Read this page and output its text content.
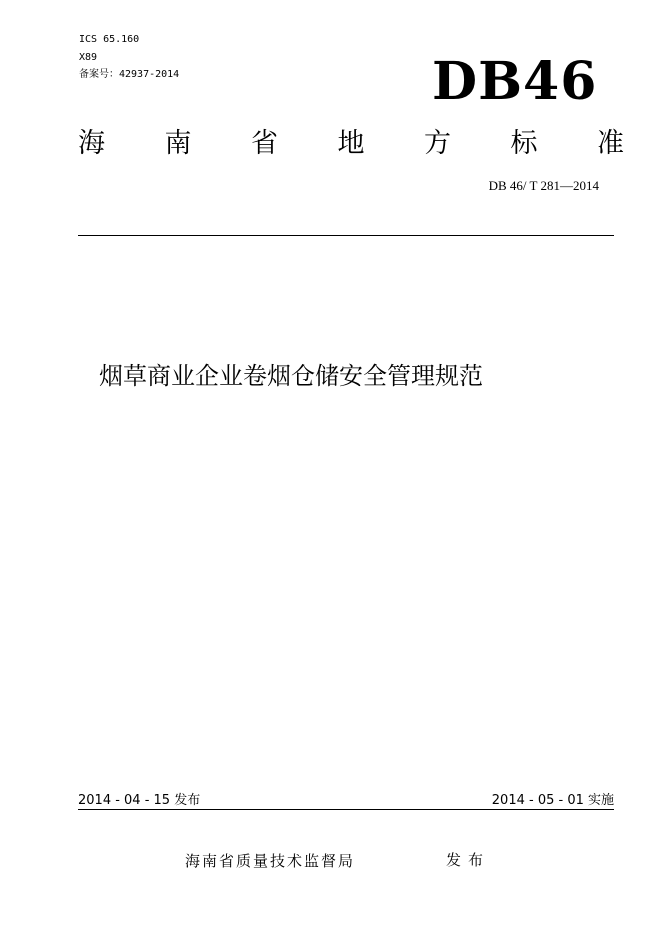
ICS 65.160
X89
备案号：42937-2014	DB46
海 南 省 地 方 标 准
DB 46/ T 281—2014
烟草商业企业卷烟仓储安全管理规范
2014 - 04 - 15 发布	2014 - 05 - 01 实施
海南省质量技术监督局	发布
